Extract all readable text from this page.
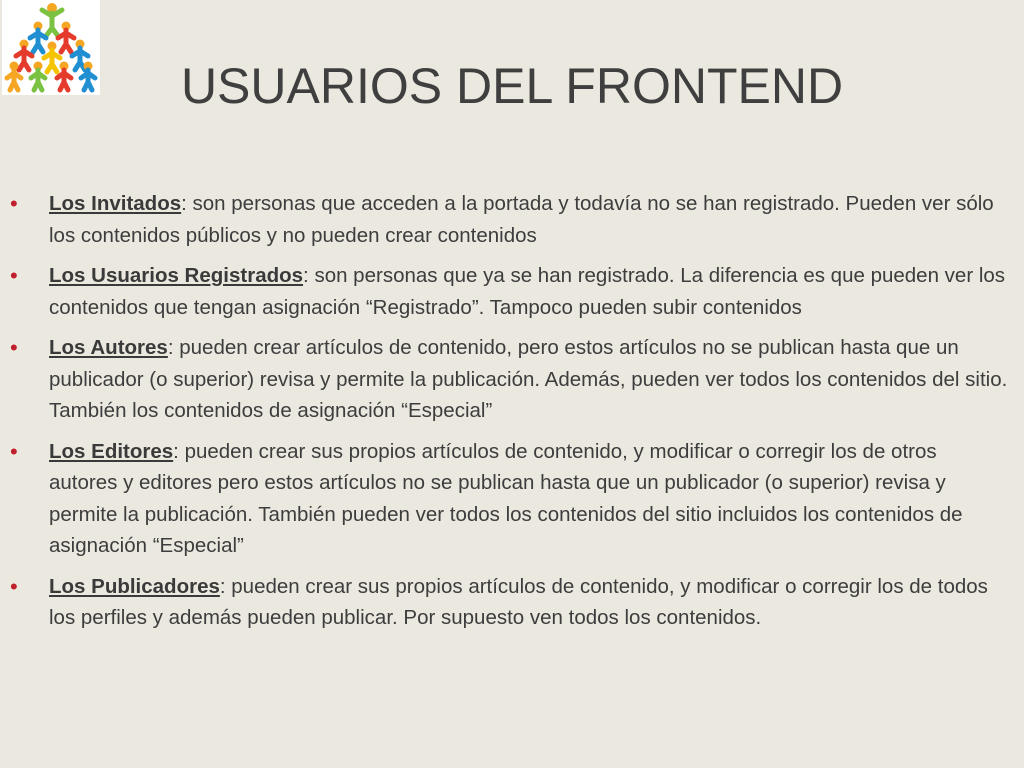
USUARIOS DEL FRONTEND
• Los Invitados: son personas que acceden a la portada y todavía no se han registrado. Pueden ver sólo los contenidos públicos y no pueden crear contenidos
• Los Usuarios Registrados: son personas que ya se han registrado. La diferencia es que pueden ver los contenidos que tengan asignación “Registrado”. Tampoco pueden subir contenidos
• Los Autores: pueden crear artículos de contenido, pero estos artículos no se publican hasta que un publicador (o superior) revisa y permite la publicación. Además, pueden ver todos los contenidos del sitio. También los contenidos de asignación “Especial”
• Los Editores: pueden crear sus propios artículos de contenido, y modificar o corregir los de otros autores y editores pero estos artículos no se publican hasta que un publicador (o superior) revisa y permite la publicación. También pueden ver todos los contenidos del sitio incluidos los contenidos de asignación “Especial”
• Los Publicadores: pueden crear sus propios artículos de contenido, y modificar o corregir los de todos los perfiles y además pueden publicar. Por supuesto ven todos los contenidos.
